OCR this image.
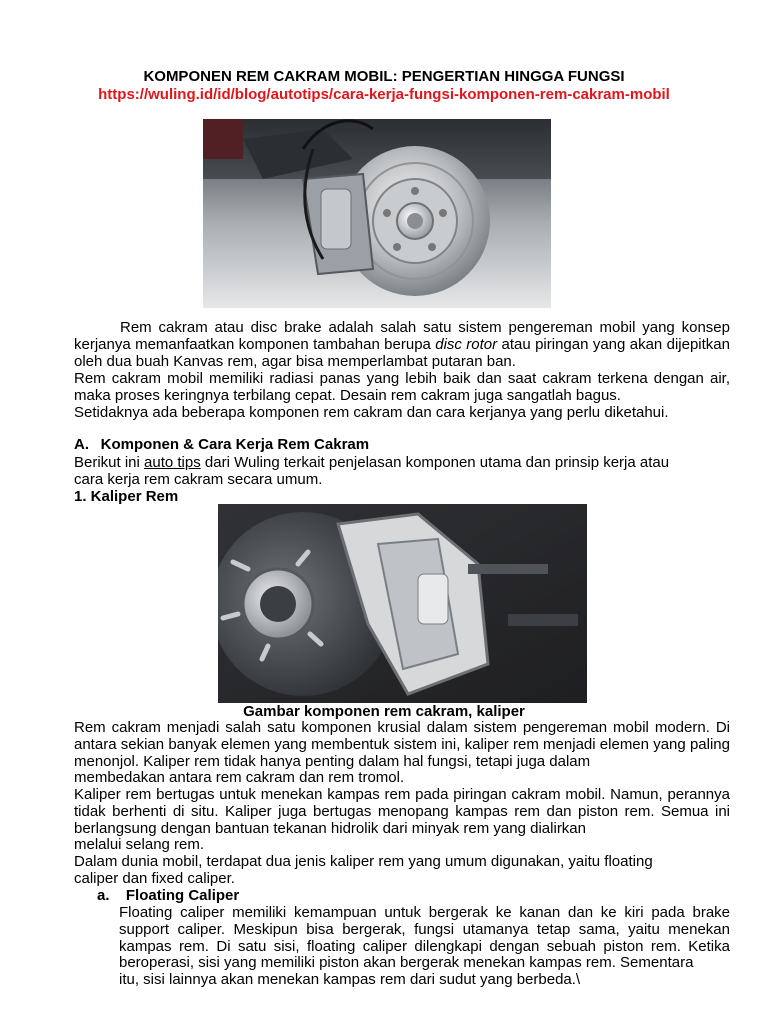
KOMPONEN REM CAKRAM MOBIL: PENGERTIAN HINGGA FUNGSI
https://wuling.id/id/blog/autotips/cara-kerja-fungsi-komponen-rem-cakram-mobil
Rem cakram atau disc brake adalah salah satu sistem pengereman mobil yang konsep kerjanya memanfaatkan komponen tambahan berupa disc rotor atau piringan yang akan dijepitkan oleh dua buah Kanvas rem, agar bisa memperlambat putaran ban.

Rem cakram mobil memiliki radiasi panas yang lebih baik dan saat cakram terkena dengan air, maka proses keringnya terbilang cepat. Desain rem cakram juga sangatlah bagus.

Setidaknya ada beberapa komponen rem cakram dan cara kerjanya yang perlu diketahui.

A.  Komponen & Cara Kerja Rem Cakram

Berikut ini auto tips dari Wuling terkait penjelasan komponen utama dan prinsip kerja atau

cara kerja rem cakram secara umum.

1. Kaliper Rem
Gambar komponen rem cakram, kaliper

Rem cakram menjadi salah satu komponen krusial dalam sistem pengereman mobil modern. Di antara sekian banyak elemen yang membentuk sistem ini, kaliper rem menjadi elemen yang paling menonjol. Kaliper rem tidak hanya penting dalam hal fungsi, tetapi juga dalam

membedakan antara rem cakram dan rem tromol.

Kaliper rem bertugas untuk menekan kampas rem pada piringan cakram mobil. Namun, perannya tidak berhenti di situ. Kaliper juga bertugas menopang kampas rem dan piston rem. Semua ini berlangsung dengan bantuan tekanan hidrolik dari minyak rem yang dialirkan

melalui selang rem.

Dalam dunia mobil, terdapat dua jenis kaliper rem yang umum digunakan, yaitu floating

caliper dan fixed caliper.

a. Floating Caliper

Floating caliper memiliki kemampuan untuk bergerak ke kanan dan ke kiri pada brake support caliper. Meskipun bisa bergerak, fungsi utamanya tetap sama, yaitu menekan kampas rem. Di satu sisi, floating caliper dilengkapi dengan sebuah piston rem. Ketika beroperasi, sisi yang memiliki piston akan bergerak menekan kampas rem. Sementara

itu, sisi lainnya akan menekan kampas rem dari sudut yang berbeda.\
